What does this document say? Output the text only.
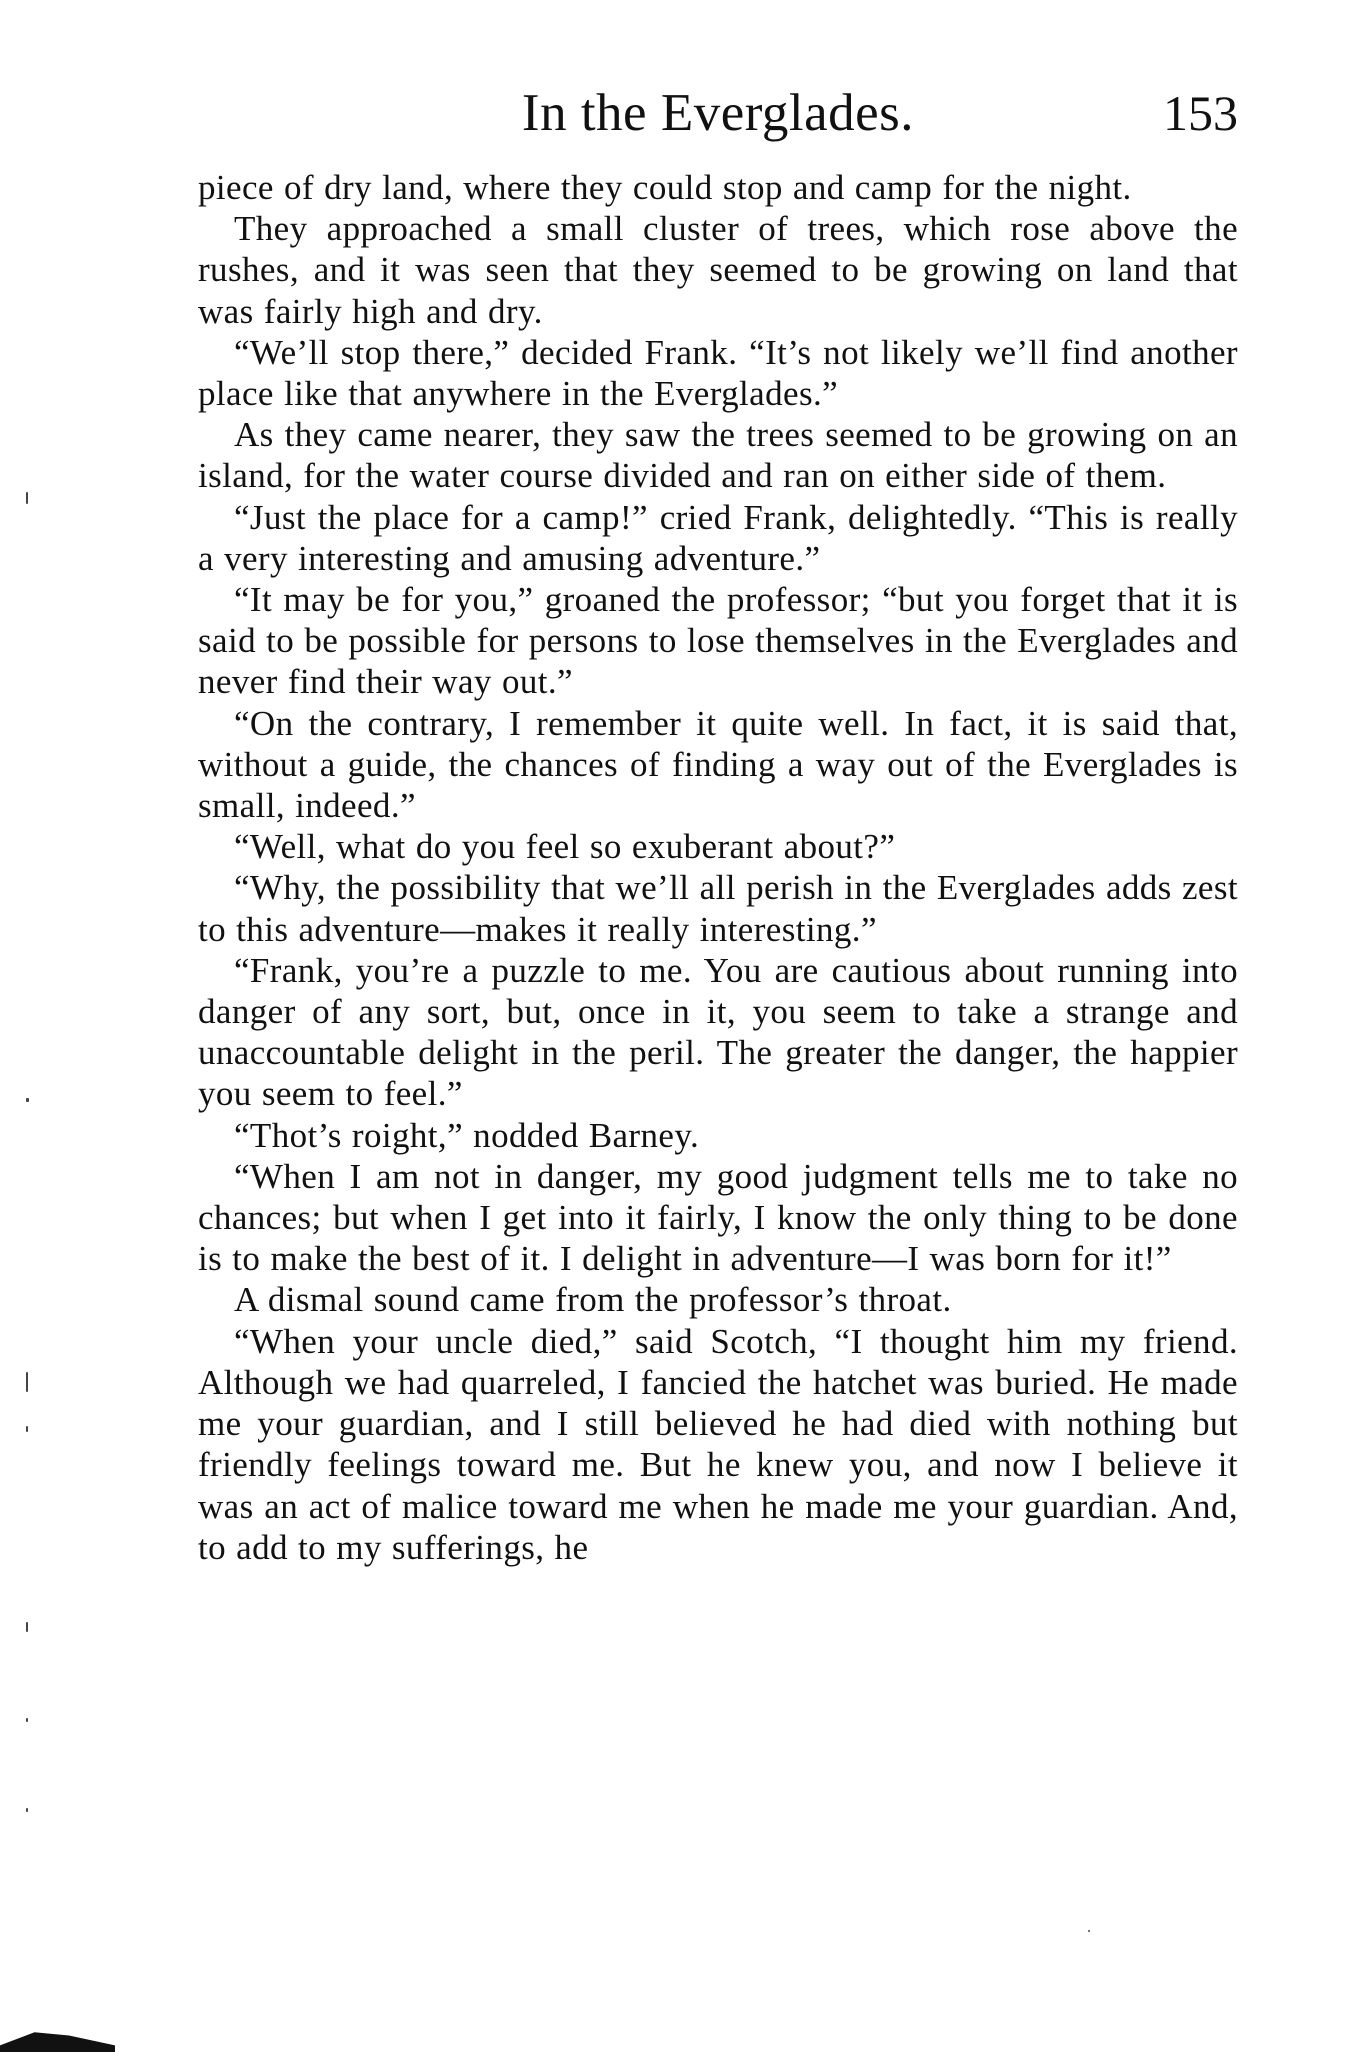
In the Everglades.	153

piece of dry land, where they could stop and camp for the night.

They approached a small cluster of trees, which rose above the rushes, and it was seen that they seemed to be growing on land that was fairly high and dry.

“We’ll stop there,” decided Frank. “It’s not likely we’ll find another place like that anywhere in the Everglades.”

As they came nearer, they saw the trees seemed to be growing on an island, for the water course divided and ran on either side of them.

“Just the place for a camp!” cried Frank, delightedly. “This is really a very interesting and amusing adventure.”

“It may be for you,” groaned the professor; “but you forget that it is said to be possible for persons to lose themselves in the Everglades and never find their way out.”

“On the contrary, I remember it quite well. In fact, it is said that, without a guide, the chances of finding a way out of the Everglades is small, indeed.”

“Well, what do you feel so exuberant about?”

“Why, the possibility that we’ll all perish in the Everglades adds zest to this adventure—makes it really interesting.”

“Frank, you’re a puzzle to me. You are cautious about running into danger of any sort, but, once in it, you seem to take a strange and unaccountable delight in the peril. The greater the danger, the happier you seem to feel.”

“Thot’s roight,” nodded Barney.

“When I am not in danger, my good judgment tells me to take no chances; but when I get into it fairly, I know the only thing to be done is to make the best of it. I delight in adventure—I was born for it!”

A dismal sound came from the professor’s throat.

“When your uncle died,” said Scotch, “I thought him my friend. Although we had quarreled, I fancied the hatchet was buried. He made me your guardian, and I still believed he had died with nothing but friendly feelings toward me. But he knew you, and now I believe it was an act of malice toward me when he made me your guardian. And, to add to my sufferings, he
